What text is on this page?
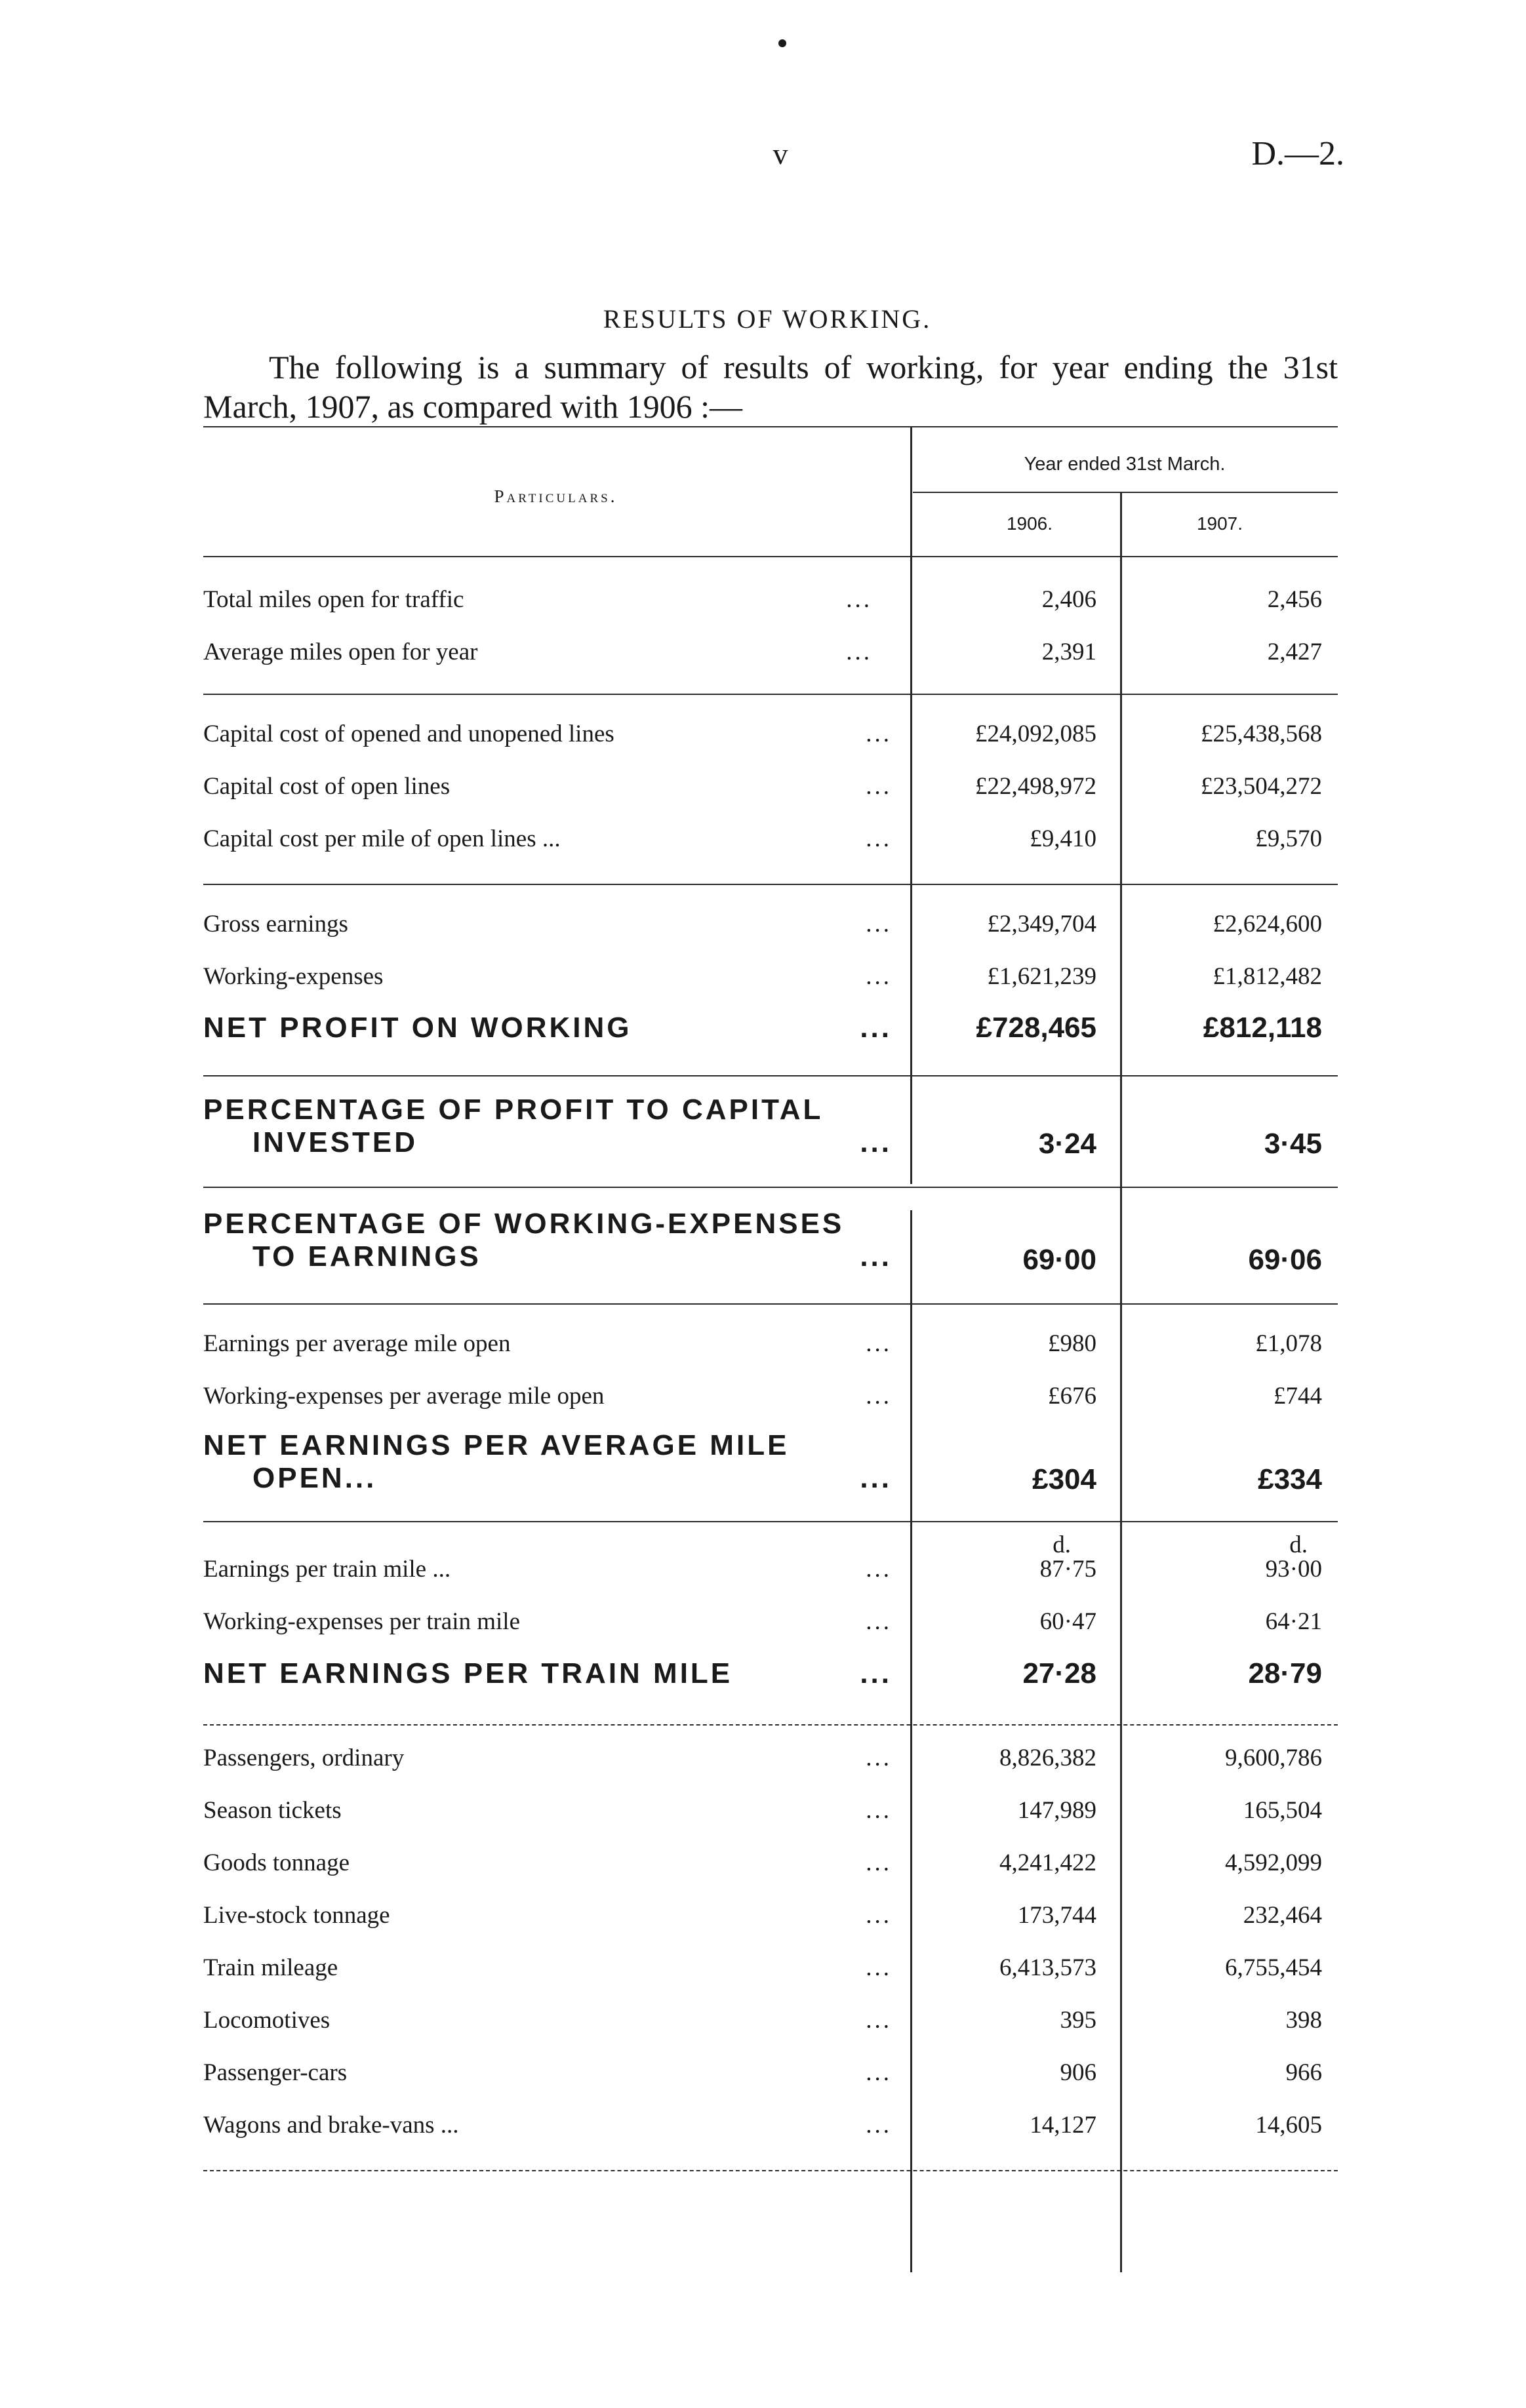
v	D.—2.
RESULTS OF WORKING.
The following is a summary of results of working, for year ending the 31st March, 1907, as compared with 1906 :—
Particulars.
Year ended 31st March.
1906.	1907.
Total miles open for traffic	...	2,406	2,456
Average miles open for year	...	2,391	2,427
Capital cost of opened and unopened lines	...	£24,092,085	£25,438,568
Capital cost of open lines	...	£22,498,972	£23,504,272
Capital cost per mile of open lines ...	...	£9,410	£9,570
Gross earnings	...	£2,349,704	£2,624,600
Working-expenses	...	£1,621,239	£1,812,482
NET PROFIT ON WORKING	...	£728,465	£812,118
PERCENTAGE OF PROFIT TO CAPITAL
INVESTED	...	3·24	3·45
PERCENTAGE OF WORKING-EXPENSES
TO EARNINGS	...	69·00	69·06
Earnings per average mile open	...	£980	£1,078
Working-expenses per average mile open	...	£676	£744
NET EARNINGS PER AVERAGE MILE
OPEN...	...	£304	£334
d.	d.
Earnings per train mile ...	...	87·75	93·00
Working-expenses per train mile	...	60·47	64·21
NET EARNINGS PER TRAIN MILE	...	27·28	28·79
Passengers, ordinary	...	8,826,382	9,600,786
Season tickets	...	147,989	165,504
Goods tonnage	...	4,241,422	4,592,099
Live-stock tonnage	...	173,744	232,464
Train mileage	...	6,413,573	6,755,454
Locomotives	...	395	398
Passenger-cars	...	906	966
Wagons and brake-vans ...	...	14,127	14,605
